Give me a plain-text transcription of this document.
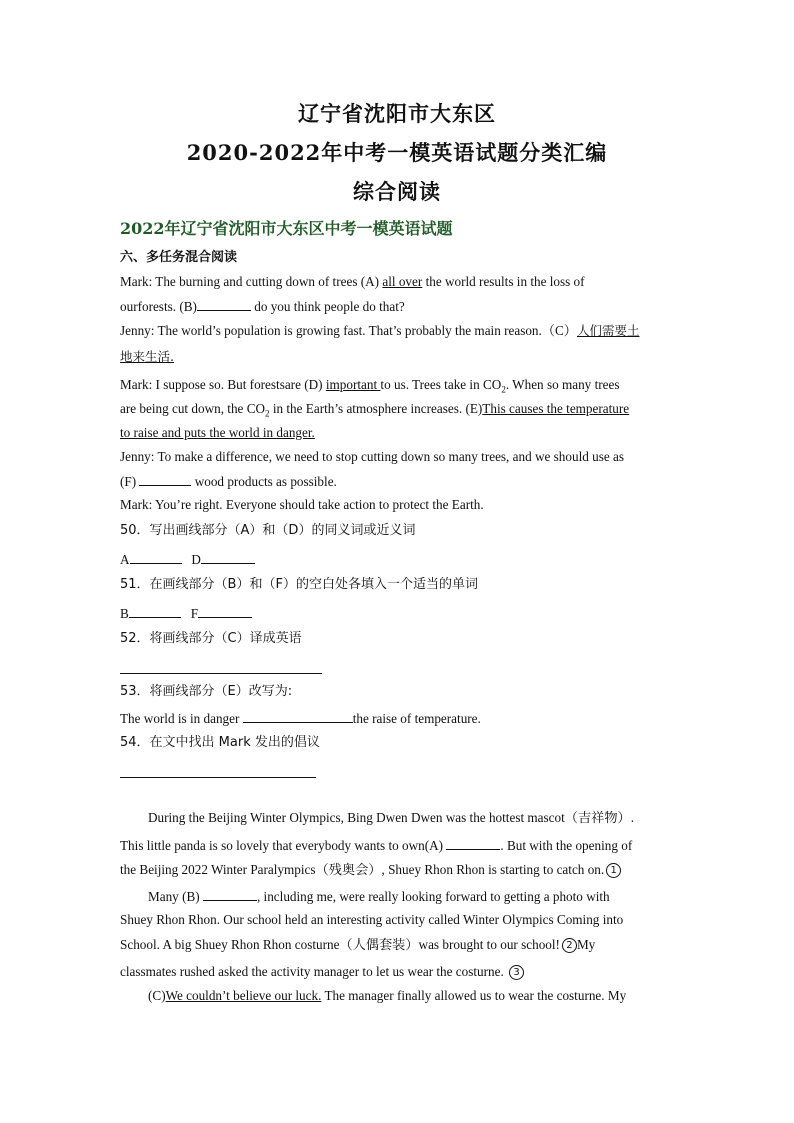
辽宁省沈阳市大东区
2020-2022年中考一模英语试题分类汇编
综合阅读
2022年辽宁省沈阳市大东区中考一模英语试题
六、多任务混合阅读
Mark: The burning and cutting down of trees (A) all over the world results in the loss of
ourforests. (B)	do you think people do that?
Jenny: The world’s population is growing fast. That’s probably the main reason.（C）人们需要土
地来生活.
Mark: I suppose so. But forestsare (D) important to us. Trees take in $CO_2$. When so many trees
are being cut down, the $CO_2$ in the Earth’s atmosphere increases. (E)This causes the temperature
to raise and puts the world in danger.
Jenny: To make a difference, we need to stop cutting down so many trees, and we should use as
(F)	wood products as possible.
Mark: You’re right. Everyone should take action to protect the Earth.
50．写出画线部分（A）和（D）的同义词或近义词
A	D
51．在画线部分（B）和（F）的空白处各填入一个适当的单词
B	F
52．将画线部分（C）译成英语
53．将画线部分（E）改写为:
The world is in danger	the raise of temperature.
54．在文中找出 Mark 发出的倡议
During the Beijing Winter Olympics, Bing Dwen Dwen was the hottest mascot（吉祥物）.
This little panda is so lovely that everybody wants to own(A)	. But with the opening of
the Beijing 2022 Winter Paralympics（残奥会）, Shuey Rhon Rhon is starting to catch on. 1
Many (B)	, including me, were really looking forward to getting a photo with
Shuey Rhon Rhon. Our school held an interesting activity called Winter Olympics Coming into
School. A big Shuey Rhon Rhon costurne（人偶套装）was brought to our school! 2 My
classmates rushed asked the activity manager to let us wear the costurne. 3
(C)We couldn’t believe our luck. The manager finally allowed us to wear the costurne. My
